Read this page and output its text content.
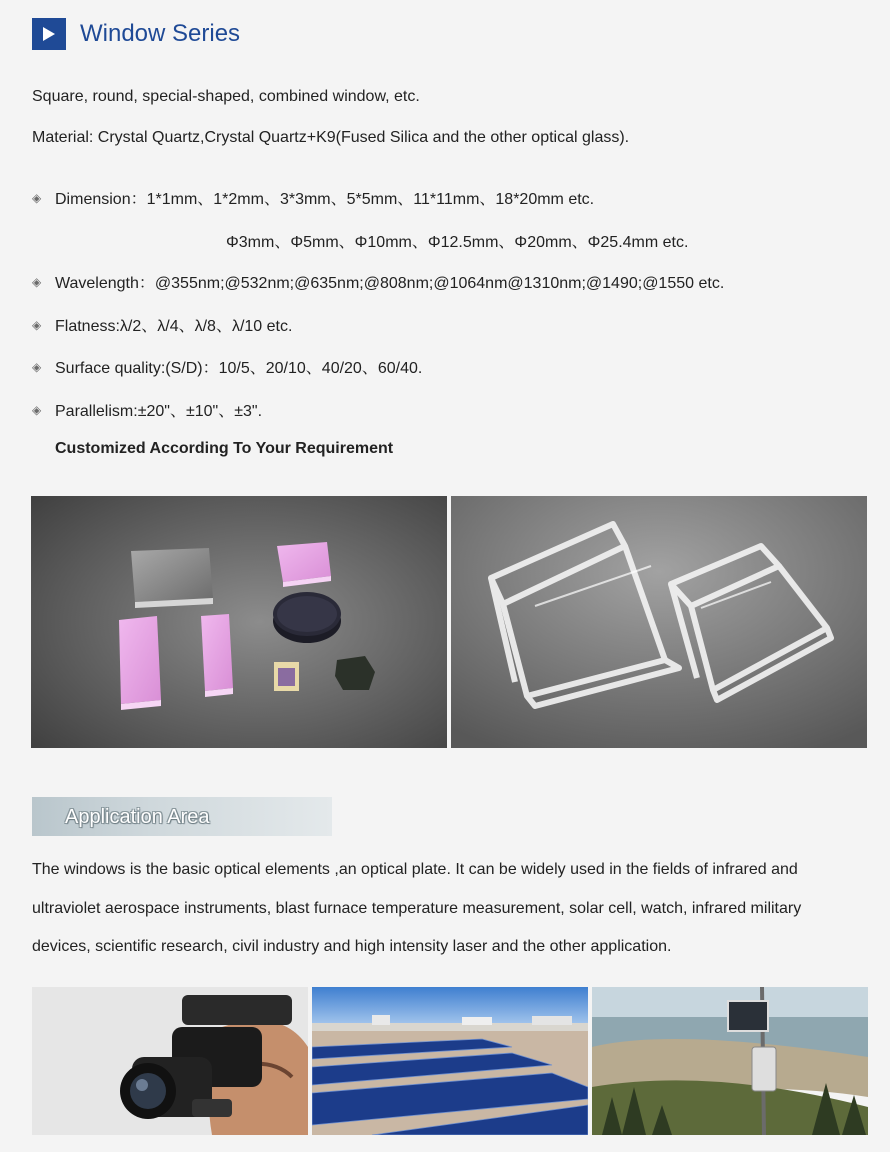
Window Series
Square, round, special-shaped, combined window, etc.
Material: Crystal Quartz,Crystal Quartz+K9(Fused Silica and the other optical glass).
◈ Dimension：1*1mm、1*2mm、3*3mm、5*5mm、11*11mm、18*20mm etc.
Φ3mm、Φ5mm、Φ10mm、Φ12.5mm、Φ20mm、Φ25.4mm etc.
◈ Wavelength：@355nm;@532nm;@635nm;@808nm;@1064nm@1310nm;@1490;@1550 etc.
◈ Flatness:λ/2、λ/4、λ/8、λ/10 etc.
◈ Surface quality:(S/D)：10/5、20/10、40/20、60/40.
◈ Parallelism:±20"、±10"、±3".
Customized According To Your Requirement
Application Area
The windows is the basic optical elements ,an optical plate. It can be widely used in the fields of infrared and
ultraviolet aerospace instruments, blast furnace temperature measurement, solar cell, watch, infrared military
devices, scientific research, civil industry and high intensity laser and the other application.
